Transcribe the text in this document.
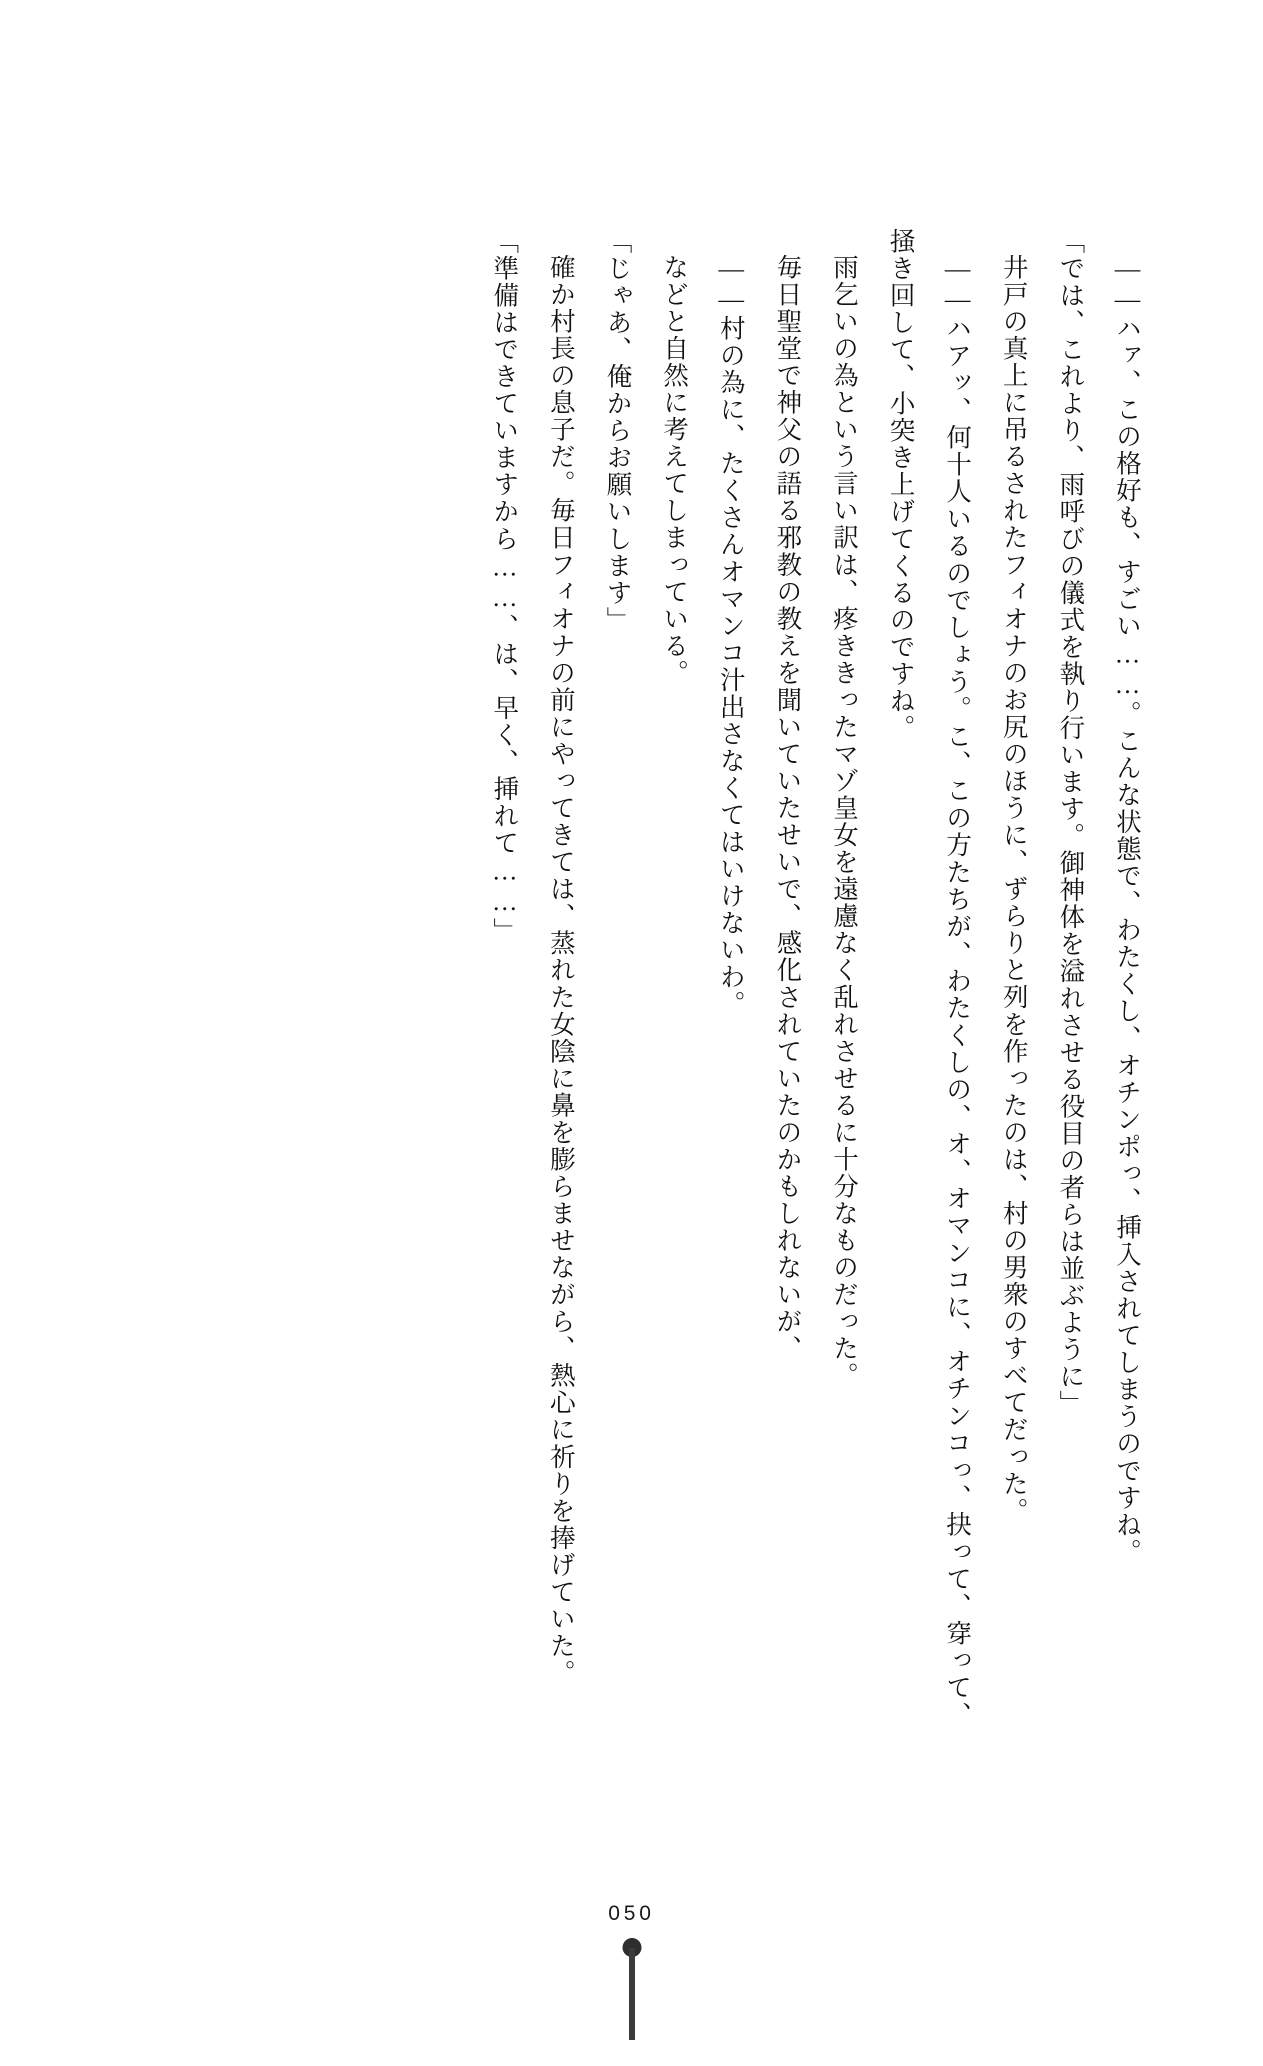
――ハァ、この格好も、すごい……。こんな状態で、わたくし、オチンポっ、挿入されてしまうのですね。

「では、これより、雨呼びの儀式を執り行います。御神体を溢れさせる役目の者らは並ぶように」

井戸の真上に吊るされたフィオナのお尻のほうに、ずらりと列を作ったのは、村の男衆のすべてだった。

――ハアッ、何十人いるのでしょう。こ、この方たちが、わたくしの、オ、オマンコに、オチンコっ、抉って、穿って、掻き回して、小突き上げてくるのですね。

雨乞いの為という言い訳は、疼ききったマゾ皇女を遠慮なく乱れさせるに十分なものだった。

毎日聖堂で神父の語る邪教の教えを聞いていたせいで、感化されていたのかもしれないが、

――村の為に、たくさんオマンコ汁出さなくてはいけないわ。

などと自然に考えてしまっている。

「じゃあ、俺からお願いします」

確か村長の息子だ。毎日フィオナの前にやってきては、蒸れた女陰に鼻を膨らませながら、熱心に祈りを捧げていた。

「準備はできていますから……、は、早く、挿れて……」

050
